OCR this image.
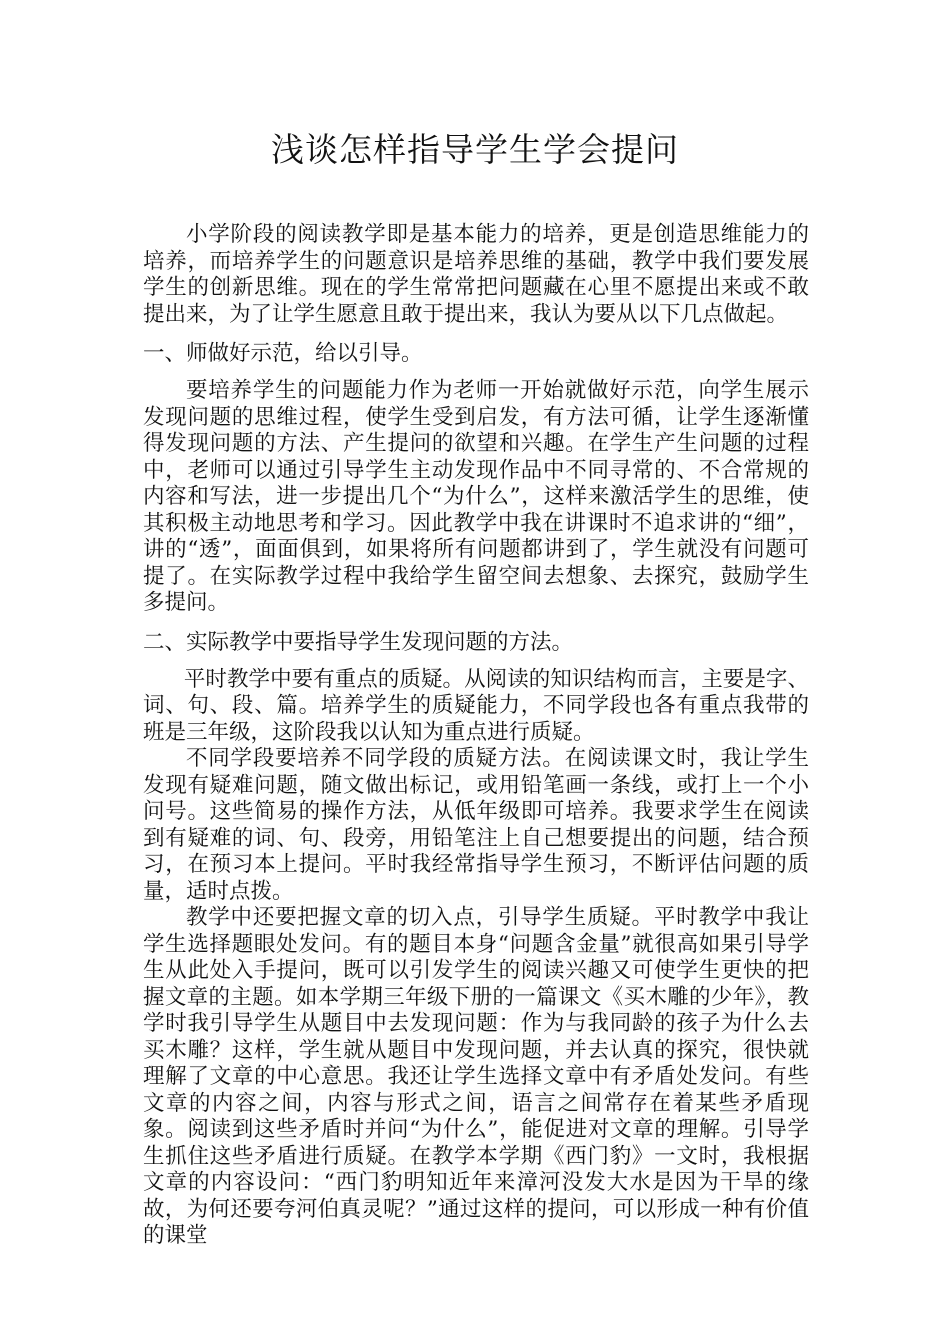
浅谈怎样指导学生学会提问

小学阶段的阅读教学即是基本能力的培养，更是创造思维能力的培养，而培养学生的问题意识是培养思维的基础，教学中我们要发展学生的创新思维。现在的学生常常把问题藏在心里不愿提出来或不敢提出来，为了让学生愿意且敢于提出来，我认为要从以下几点做起。

一、师做好示范，给以引导。

要培养学生的问题能力作为老师一开始就做好示范，向学生展示发现问题的思维过程，使学生受到启发，有方法可循，让学生逐渐懂得发现问题的方法、产生提问的欲望和兴趣。在学生产生问题的过程中，老师可以通过引导学生主动发现作品中不同寻常的、不合常规的内容和写法，进一步提出几个“为什么”，这样来激活学生的思维，使其积极主动地思考和学习。因此教学中我在讲课时不追求讲的“细”，讲的“透”，面面俱到，如果将所有问题都讲到了，学生就没有问题可提了。在实际教学过程中我给学生留空间去想象、去探究，鼓励学生多提问。

二、实际教学中要指导学生发现问题的方法。

平时教学中要有重点的质疑。从阅读的知识结构而言，主要是字、词、句、段、篇。培养学生的质疑能力，不同学段也各有重点我带的班是三年级，这阶段我以认知为重点进行质疑。

不同学段要培养不同学段的质疑方法。在阅读课文时，我让学生发现有疑难问题，随文做出标记，或用铅笔画一条线，或打上一个小问号。这些简易的操作方法，从低年级即可培养。我要求学生在阅读到有疑难的词、句、段旁，用铅笔注上自己想要提出的问题，结合预习，在预习本上提问。平时我经常指导学生预习，不断评估问题的质量，适时点拨。

教学中还要把握文章的切入点，引导学生质疑。平时教学中我让学生选择题眼处发问。有的题目本身“问题含金量”就很高如果引导学生从此处入手提问，既可以引发学生的阅读兴趣又可使学生更快的把握文章的主题。如本学期三年级下册的一篇课文《买木雕的少年》，教学时我引导学生从题目中去发现问题：作为与我同龄的孩子为什么去买木雕？这样，学生就从题目中发现问题，并去认真的探究，很快就理解了文章的中心意思。我还让学生选择文章中有矛盾处发问。有些文章的内容之间，内容与形式之间，语言之间常存在着某些矛盾现象。阅读到这些矛盾时并问“为什么”，能促进对文章的理解。引导学生抓住这些矛盾进行质疑。在教学本学期《西门豹》一文时，我根据文章的内容设问：“西门豹明知近年来漳河没发大水是因为干旱的缘故，为何还要夸河伯真灵呢？”通过这样的提问，可以形成一种有价值的课堂
